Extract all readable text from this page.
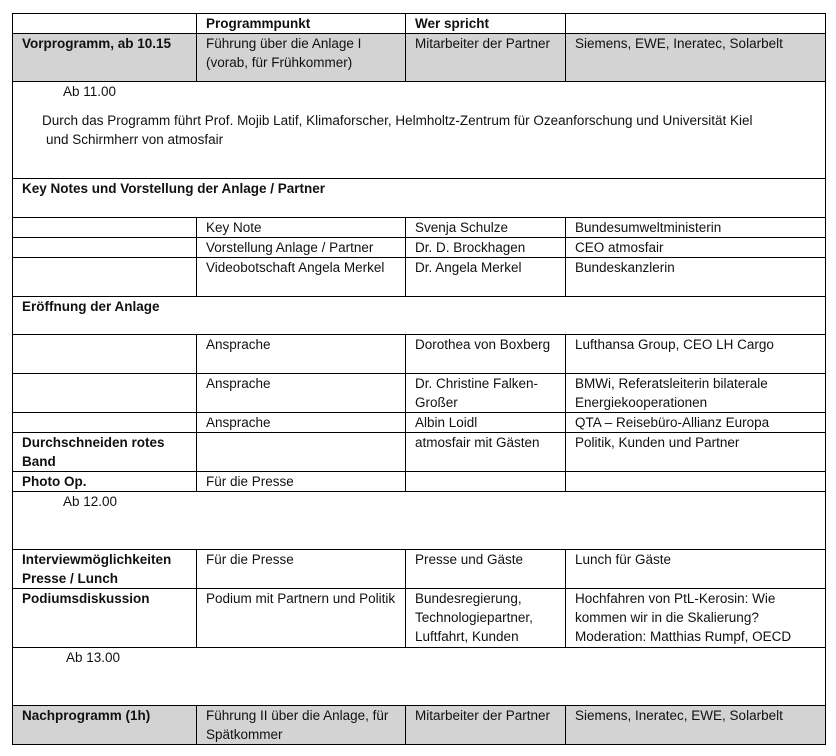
	Programmpunkt	Wer spricht	
Vorprogramm, ab 10.15	Führung über die Anlage I (vorab, für Frühkommer)	Mitarbeiter der Partner	Siemens, EWE, Ineratec, Solarbelt

Ab 11.00
Durch das Programm führt Prof. Mojib Latif, Klimaforscher, Helmholtz-Zentrum für Ozeanforschung und Universität Kiel
und Schirmherr von atmosfair			

Key Notes und Vorstellung der Anlage / Partner			
	Key Note	Svenja Schulze	Bundesumweltministerin
	Vorstellung Anlage / Partner	Dr. D. Brockhagen	CEO atmosfair
	Videobotschaft Angela Merkel	Dr. Angela Merkel	Bundeskanzlerin
Eröffnung der Anlage			
	Ansprache	Dorothea von Boxberg	Lufthansa Group, CEO LH Cargo
	Ansprache	Dr. Christine Falken-Großer	BMWi, Referatsleiterin bilaterale Energiekooperationen
	Ansprache	Albin Loidl	QTA – Reisebüro-Allianz Europa
Durchschneiden rotes Band		atmosfair mit Gästen	Politik, Kunden und Partner
Photo Op.	Für die Presse		

Ab 12.00			

Interviewmöglichkeiten Presse / Lunch	Für die Presse	Presse und Gäste	Lunch für Gäste
Podiumsdiskussion	Podium mit Partnern und Politik	Bundesregierung, Technologiepartner, Luftfahrt, Kunden	Hochfahren von PtL-Kerosin: Wie kommen wir in die Skalierung? Moderation: Matthias Rumpf, OECD

Ab 13.00			

Nachprogramm (1h)	Führung II über die Anlage, für Spätkommer	Mitarbeiter der Partner	Siemens, Ineratec, EWE, Solarbelt
